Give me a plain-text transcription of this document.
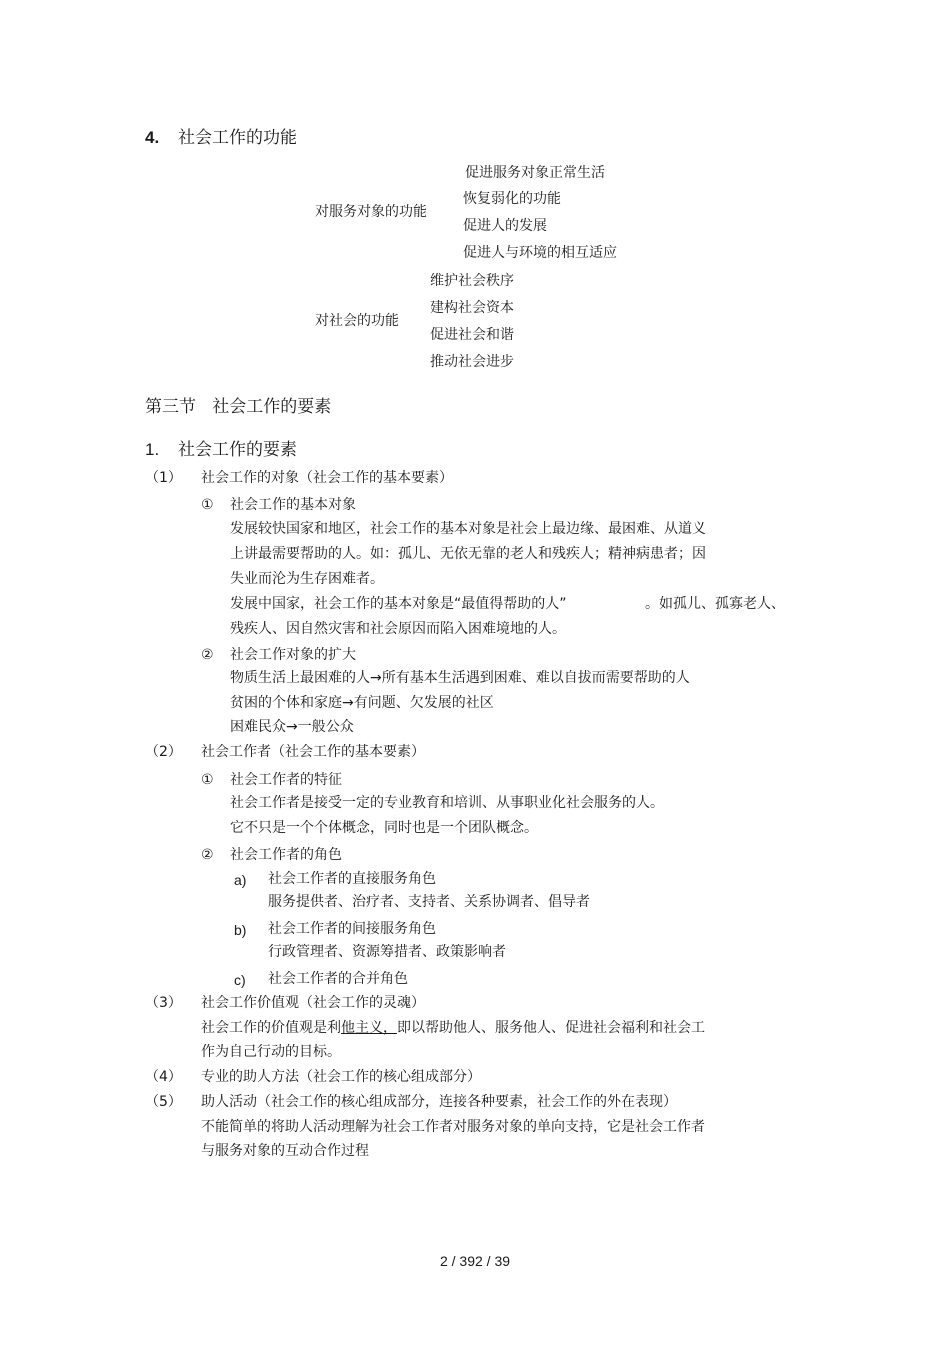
4. 社会工作的功能
对服务对象的功能
促进服务对象正常生活
恢复弱化的功能
促进人的发展
促进人与环境的相互适应
对社会的功能
维护社会秩序
建构社会资本
促进社会和谐
推动社会进步
第三节   社会工作的要素
1. 社会工作的要素
（1） 社会工作的对象（社会工作的基本要素）
① 社会工作的基本对象
发展较快国家和地区，社会工作的基本对象是社会上最边缘、最困难、从道义
上讲最需要帮助的人。如：孤儿、无依无靠的老人和残疾人；精神病患者；因
失业而沦为生存困难者。
发展中国家，社会工作的基本对象是“最值得帮助的人”	。如孤儿、孤寡老人、
残疾人、因自然灾害和社会原因而陷入困难境地的人。
② 社会工作对象的扩大
物质生活上最困难的人→所有基本生活遇到困难、难以自拔而需要帮助的人
贫困的个体和家庭→有问题、欠发展的社区
困难民众→一般公众
（2） 社会工作者（社会工作的基本要素）
① 社会工作者的特征
社会工作者是接受一定的专业教育和培训、从事职业化社会服务的人。
它不只是一个个体概念，同时也是一个团队概念。
② 社会工作者的角色
a) 社会工作者的直接服务角色
服务提供者、治疗者、支持者、关系协调者、倡导者
b) 社会工作者的间接服务角色
行政管理者、资源筹措者、政策影响者
c) 社会工作者的合并角色
（3） 社会工作价值观（社会工作的灵魂）
社会工作的价值观是利他主义，即以帮助他人、服务他人、促进社会福利和社会工
作为自己行动的目标。
（4） 专业的助人方法（社会工作的核心组成部分）
（5） 助人活动（社会工作的核心组成部分，连接各种要素，社会工作的外在表现）
不能简单的将助人活动理解为社会工作者对服务对象的单向支持，它是社会工作者
与服务对象的互动合作过程
2 / 392 / 39
